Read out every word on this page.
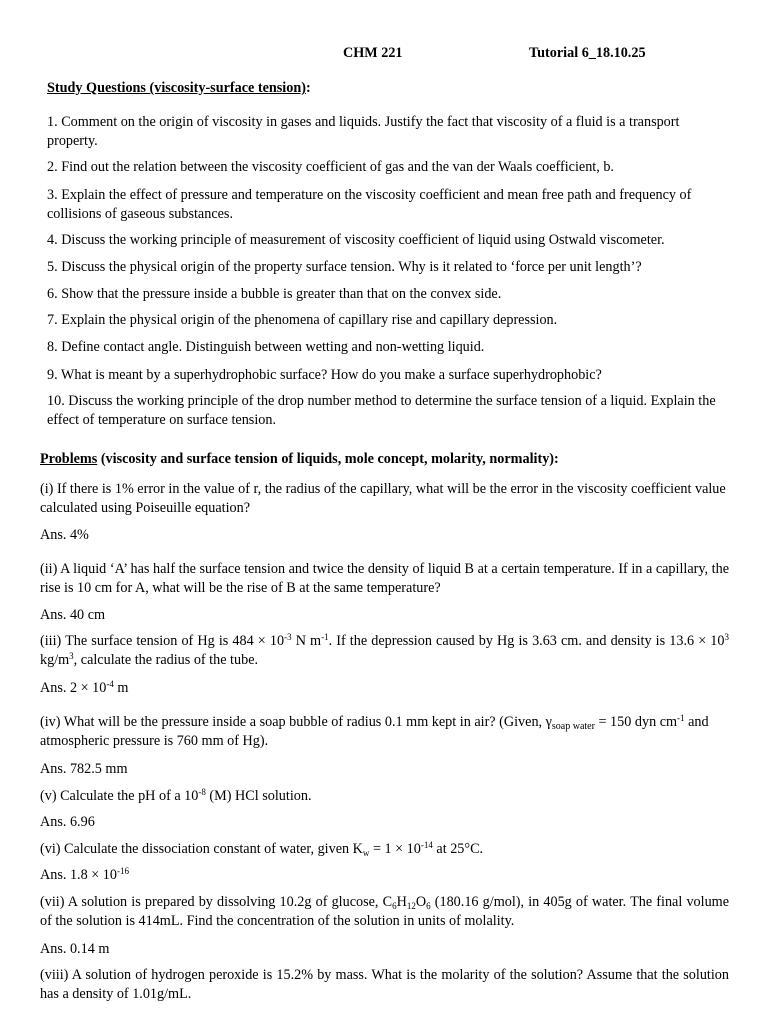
CHM 221	Tutorial 6_18.10.25
Study Questions (viscosity-surface tension):
1. Comment on the origin of viscosity in gases and liquids. Justify the fact that viscosity of a fluid is a transport property.
2. Find out the relation between the viscosity coefficient of gas and the van der Waals coefficient, b.
3. Explain the effect of pressure and temperature on the viscosity coefficient and mean free path and frequency of collisions of gaseous substances.
4. Discuss the working principle of measurement of viscosity coefficient of liquid using Ostwald viscometer.
5. Discuss the physical origin of the property surface tension. Why is it related to ‘force per unit length’?
6. Show that the pressure inside a bubble is greater than that on the convex side.
7. Explain the physical origin of the phenomena of capillary rise and capillary depression.
8. Define contact angle. Distinguish between wetting and non-wetting liquid.
9. What is meant by a superhydrophobic surface? How do you make a surface superhydrophobic?
10. Discuss the working principle of the drop number method to determine the surface tension of a liquid. Explain the effect of temperature on surface tension.
Problems (viscosity and surface tension of liquids, mole concept, molarity, normality):
(i) If there is 1% error in the value of r, the radius of the capillary, what will be the error in the viscosity coefficient value calculated using Poiseuille equation?
Ans. 4%
(ii) A liquid ‘A’ has half the surface tension and twice the density of liquid B at a certain temperature. If in a capillary, the rise is 10 cm for A, what will be the rise of B at the same temperature?
Ans. 40 cm
(iii) The surface tension of Hg is $484 \times 10^{-3}$ N $m^{-1}$. If the depression caused by Hg is 3.63 cm. and density is $13.6 \times 10^3$ $kg/m^3$, calculate the radius of the tube.
Ans. $2 \times 10^{-4}$ m
(iv) What will be the pressure inside a soap bubble of radius 0.1 mm kept in air? (Given, $\gamma_{soap water} = 150$ dyn $cm^{-1}$ and atmospheric pressure is 760 mm of Hg).
Ans. 782.5 mm
(v) Calculate the pH of a $10^{-8}$ (M) HCl solution.
Ans. 6.96
(vi) Calculate the dissociation constant of water, given $K_w = 1 \times 10^{-14}$ at 25°C.
Ans. $1.8 \times 10^{-16}$
(vii) A solution is prepared by dissolving 10.2g of glucose, $C_6H_{12}O_6$ (180.16 g/mol), in 405g of water. The final volume of the solution is 414mL. Find the concentration of the solution in units of molality.
Ans. 0.14 m
(viii) A solution of hydrogen peroxide is 15.2% by mass. What is the molarity of the solution? Assume that the solution has a density of 1.01g/mL.
